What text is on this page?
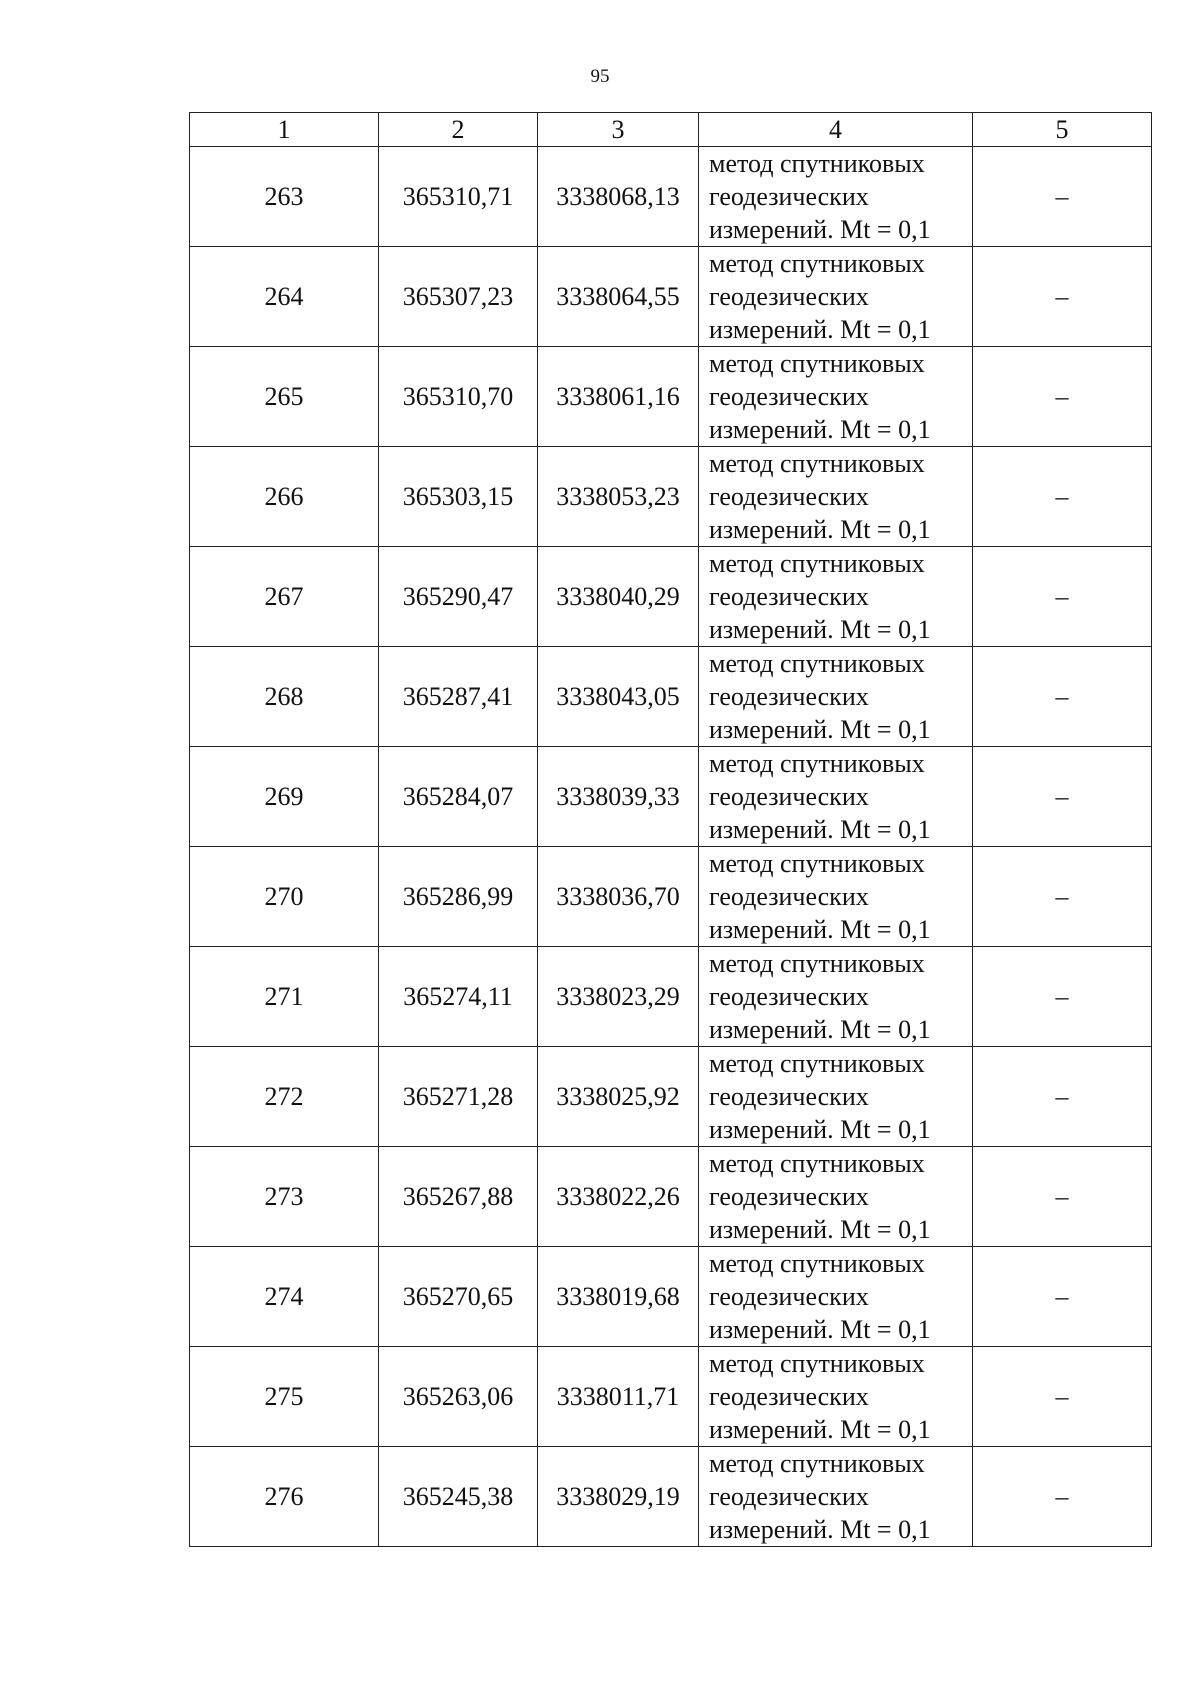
95
1	2	3	4	5
263	365310,71	3338068,13	метод спутниковых
геодезических
измерений. Mt = 0,1	–
264	365307,23	3338064,55	метод спутниковых
геодезических
измерений. Mt = 0,1	–
265	365310,70	3338061,16	метод спутниковых
геодезических
измерений. Mt = 0,1	–
266	365303,15	3338053,23	метод спутниковых
геодезических
измерений. Mt = 0,1	–
267	365290,47	3338040,29	метод спутниковых
геодезических
измерений. Mt = 0,1	–
268	365287,41	3338043,05	метод спутниковых
геодезических
измерений. Mt = 0,1	–
269	365284,07	3338039,33	метод спутниковых
геодезических
измерений. Mt = 0,1	–
270	365286,99	3338036,70	метод спутниковых
геодезических
измерений. Mt = 0,1	–
271	365274,11	3338023,29	метод спутниковых
геодезических
измерений. Mt = 0,1	–
272	365271,28	3338025,92	метод спутниковых
геодезических
измерений. Mt = 0,1	–
273	365267,88	3338022,26	метод спутниковых
геодезических
измерений. Mt = 0,1	–
274	365270,65	3338019,68	метод спутниковых
геодезических
измерений. Mt = 0,1	–
275	365263,06	3338011,71	метод спутниковых
геодезических
измерений. Mt = 0,1	–
276	365245,38	3338029,19	метод спутниковых
геодезических
измерений. Mt = 0,1	–
